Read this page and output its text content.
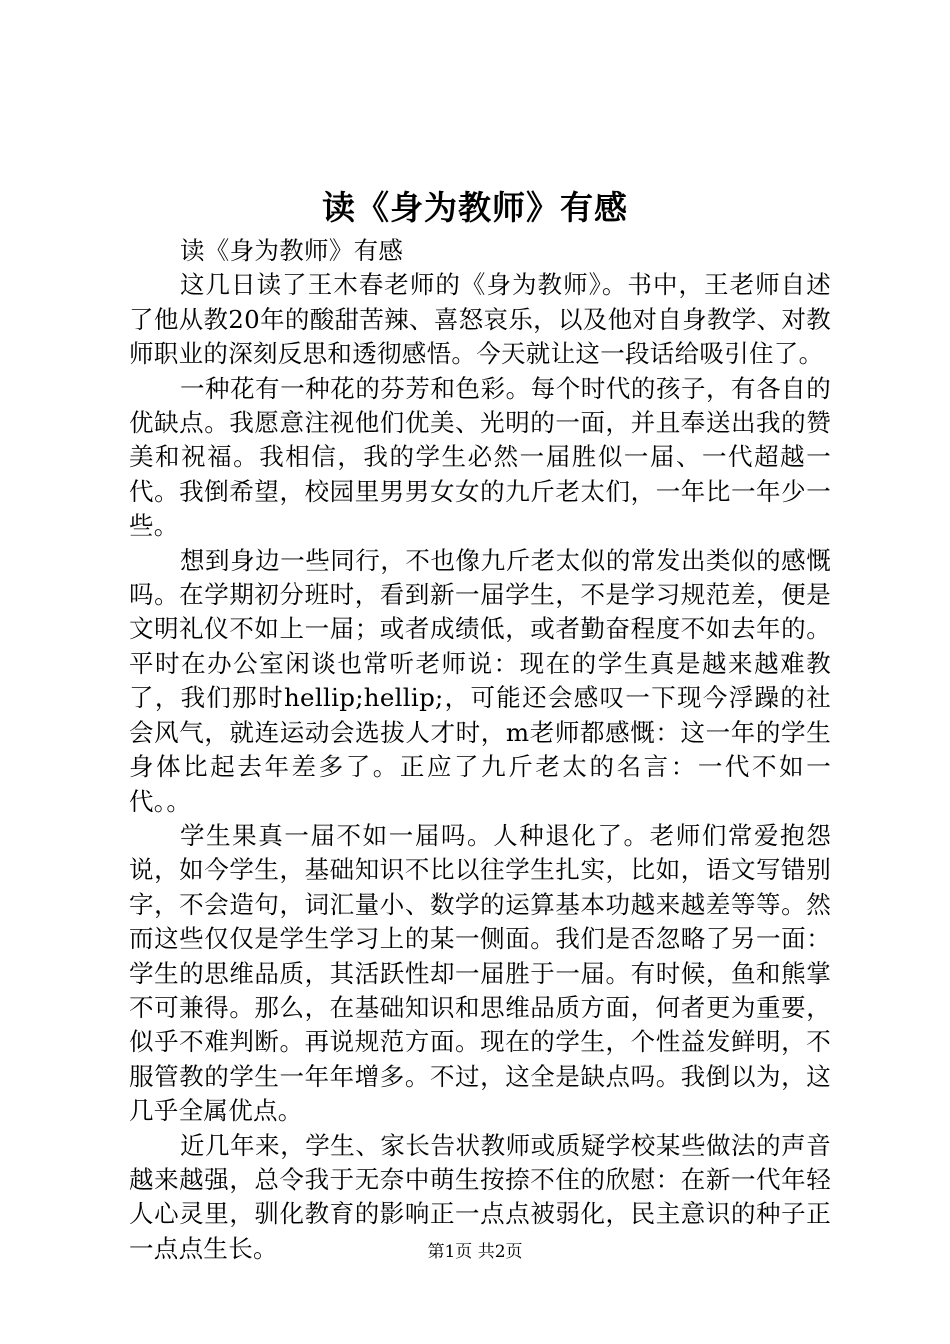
读《身为教师》有感

读《身为教师》有感

这几日读了王木春老师的《身为教师》。书中，王老师自述了他从教20年的酸甜苦辣、喜怒哀乐，以及他对自身教学、对教师职业的深刻反思和透彻感悟。今天就让这一段话给吸引住了。

一种花有一种花的芬芳和色彩。每个时代的孩子，有各自的优缺点。我愿意注视他们优美、光明的一面，并且奉送出我的赞美和祝福。我相信，我的学生必然一届胜似一届、一代超越一代。我倒希望，校园里男男女女的九斤老太们，一年比一年少一些。

想到身边一些同行，不也像九斤老太似的常发出类似的感慨吗。在学期初分班时，看到新一届学生，不是学习规范差，便是文明礼仪不如上一届；或者成绩低，或者勤奋程度不如去年的。平时在办公室闲谈也常听老师说：现在的学生真是越来越难教了，我们那时hellip;hellip;，可能还会感叹一下现今浮躁的社会风气，就连运动会选拔人才时，m老师都感慨：这一年的学生身体比起去年差多了。正应了九斤老太的名言：一代不如一代。。

学生果真一届不如一届吗。人种退化了。老师们常爱抱怨说，如今学生，基础知识不比以往学生扎实，比如，语文写错别字，不会造句，词汇量小、数学的运算基本功越来越差等等。然而这些仅仅是学生学习上的某一侧面。我们是否忽略了另一面：学生的思维品质，其活跃性却一届胜于一届。有时候，鱼和熊掌不可兼得。那么，在基础知识和思维品质方面，何者更为重要，似乎不难判断。再说规范方面。现在的学生，个性益发鲜明，不服管教的学生一年年增多。不过，这全是缺点吗。我倒以为，这几乎全属优点。

近几年来，学生、家长告状教师或质疑学校某些做法的声音越来越强，总令我于无奈中萌生按捺不住的欣慰：在新一代年轻人心灵里，驯化教育的影响正一点点被弱化，民主意识的种子正一点点生长。	第1页 共2页
